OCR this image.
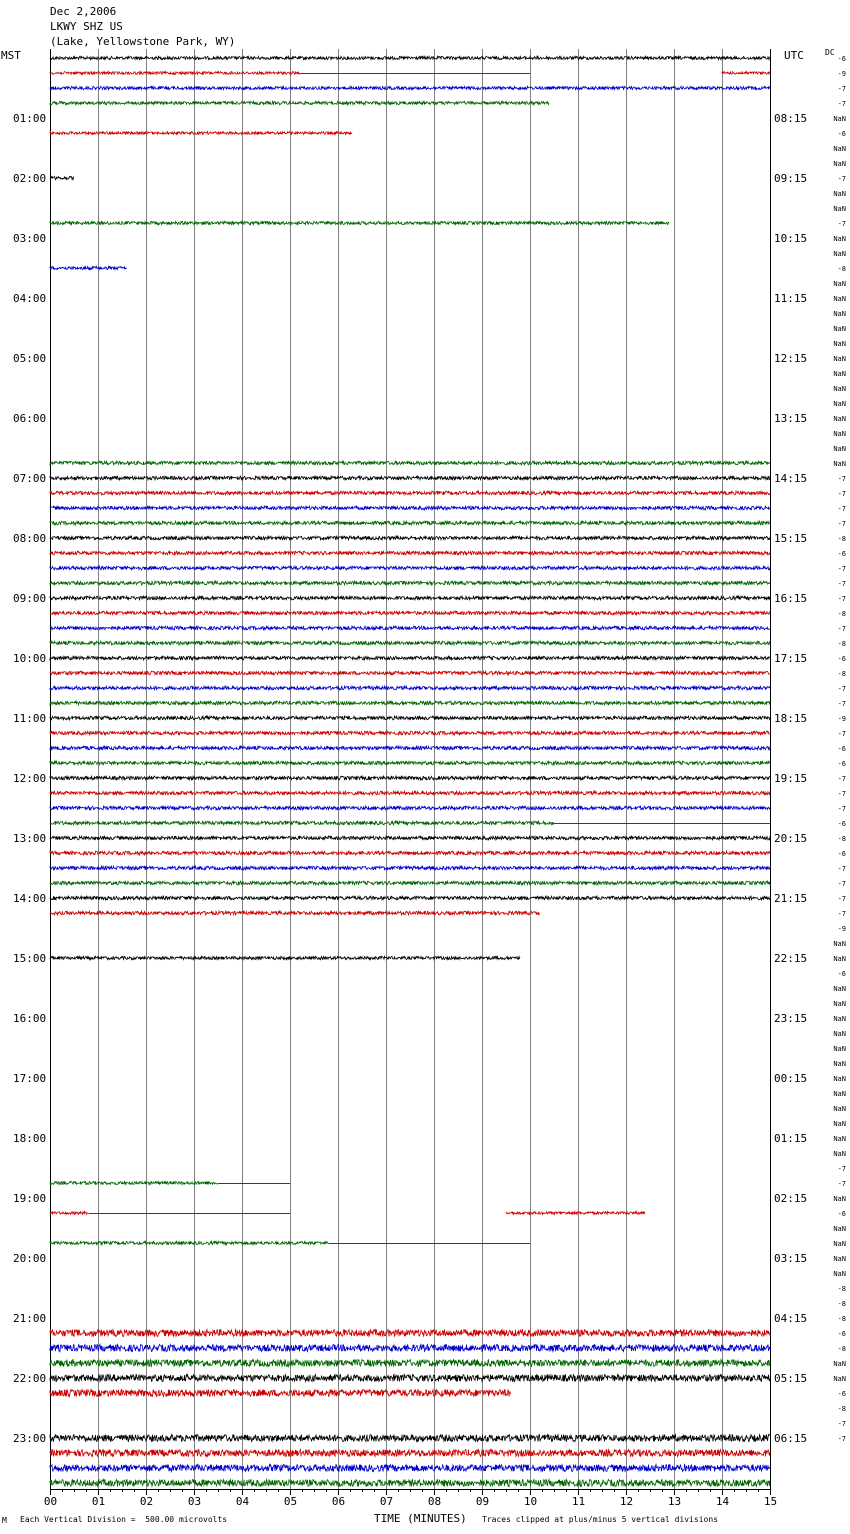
Dec 2,2006
LKWY SHZ US
(Lake, Yellowstone Park, WY)
MST	UTC	DC
00	01	02	03	04	05	06	07	08	09	10	11	12	13	14	15
01:00
02:00
03:00
04:00
05:00
06:00
07:00
08:00
09:00
10:00
11:00
12:00
13:00
14:00
15:00
16:00
17:00
18:00
19:00
20:00
21:00
22:00
23:00
08:15
09:15
10:15
11:15
12:15
13:15
14:15
15:15
16:15
17:15
18:15
19:15
20:15
21:15
22:15
23:15
00:15
01:15
02:15
03:15
04:15
05:15
06:15
-6
-9
-7
-7
NaN
-6
NaN
NaN
-7
NaN
NaN
-7
NaN
NaN
-8
NaN
NaN
NaN
NaN
NaN
NaN
NaN
NaN
NaN
NaN
NaN
NaN
NaN
-7
-7
-7
-7
-8
-6
-7
-7
-7
-8
-7
-8
-6
-8
-7
-7
-9
-7
-6
-6
-7
-7
-7
-6
-8
-6
-7
-7
-7
-7
-9
NaN
NaN
-6
NaN
NaN
NaN
NaN
NaN
NaN
NaN
NaN
NaN
NaN
NaN
NaN
-7
-7
NaN
-6
NaN
NaN
NaN
NaN
-8
-8
-8
-6
-8
NaN
NaN
-6
-8
-7
-7
M Each Vertical Division =  500.00 microvolts	TIME (MINUTES) Traces clipped at plus/minus 5 vertical divisions
